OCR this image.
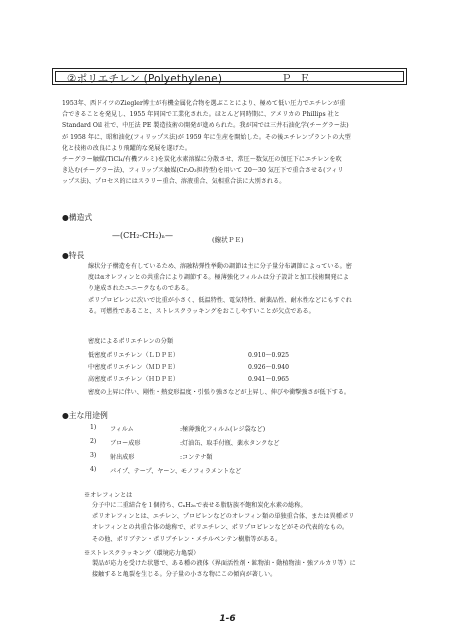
②ポリエチレン (Polyethylene)	ＰＥ

1953年、西ドイツのZiegler博士が有機金属化合物を選ぶことにより、極めて低い圧力でエチレンが重

合できることを発見し、1955 年同国で工業化された。ほとんど同時期に、アメリカの Phillips 社と

Standard Oil 社で、中圧法 PE 製造技術の開発が進められた。我が国では三井石油化学(チーグラー法)

が 1958 年に、昭和油化(フィリップス法)が 1959 年に生産を開始した。その後エチレンプラントの大型

化と技術の改良により飛躍的な発展を遂げた。

チーグラー触媒(TiCl₄/有機アルミ)を炭化水素溶媒に分散させ、常圧〜数気圧の加圧下にエチレンを吹

き込む(チーグラー法)、フィリップス触媒(Cr₂O₃担持型)を用いて 20〜30 気圧下で重合させる(フィリ

ップス法)、プロセス的にはスラリー重合、溶液重合、気相重合法に大別される。

●構造式
—(CH₂-CH₂)ₙ—	(線状ＰＥ)
●特長

線状分子構造を有しているため、溶融粘弾性挙動の調節は主に分子量分布調節によっている。密

度はαオレフィンとの共重合により調節する。極薄強化フィルムは分子設計と加工技術開発によ

り達成されたユニークなものである。

ポリプロピレンに次いで比重が小さく、低温特性、電気特性、耐薬品性、耐水性などにもすぐれ

る。可燃性であること、ストレスクラッキングをおこしやすいことが欠点である。

密度によるポリエチレンの分類
低密度ポリエチレン（ＬＤＰＥ）	0.910〜0.925
中密度ポリエチレン（ＭＤＰＥ）	0.926〜0.940
高密度ポリエチレン（ＨＤＰＥ）	0.941〜0.965
密度の上昇に伴い、剛性・熱変形温度・引張り強さなどが上昇し、伸びや衝撃強さが低下する。
●主な用途例
1) フィルム	:極薄強化フィルム(レジ袋など)
2) ブロー成形	:灯油缶、取手付瓶、薬水タンクなど
3) 射出成形	:コンテナ類
4) パイプ、テープ、ヤーン、モノフィラメントなど
※オレフィンとは

分子中に二重結合を１個持ち、CₙH₂ₙで表せる脂肪族不飽和炭化水素の総称。

ポリオレフィンとは、エチレン、プロピレンなどのオレフィン類の単独重合体、または異種ポリ

オレフィンとの共重合体の総称で、ポリエチレン、ポリプロピレンなどがその代表的なもの。

その他、ポリブテン・ポリブチレン・メチルペンテン樹脂等がある。

※ストレスクラッキング（環境応力亀裂）

製品が応力を受けた状態で、ある種の液体（界面活性剤・鉱物油・動植物油・強アルカリ等）に

接触すると亀裂を生じる。分子量の小さな物にこの傾向が著しい。

1-6
